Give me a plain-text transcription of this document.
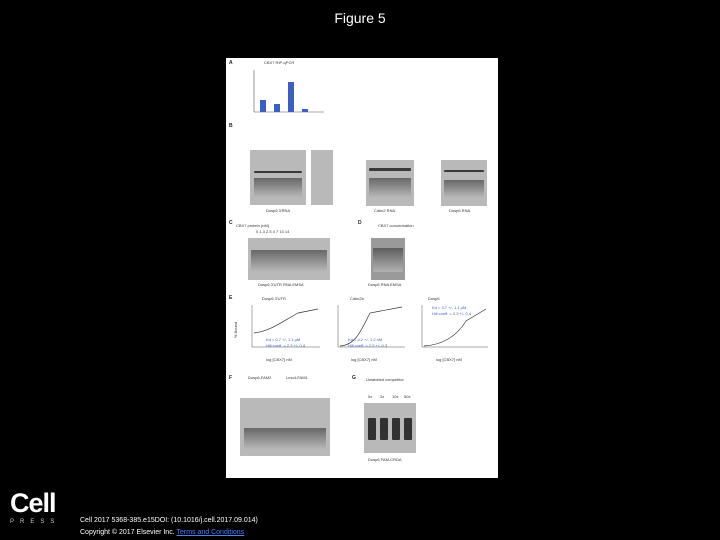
Figure 5
A	CBX7 RIP-qPCR
B
Dusp6 3'RNA	Cdkn2 RNA	Dusp6 RNA
C CBX7 protein (nM)
0 1.3 2.5 4 7 10 14
Dusp6 3'UTR RNA EMSA
D	CBX7 concentration
Dusp6 RNA EMSA
E
% Bound
Dusp6 3'UTR	Cdkn2b	Dusp6
Kd = 0.7 +/- 1.1 µM
Hill coeff. = 2.3 +/- 0.4
Kd = 4.2 +/- 1.2 nM
Hill coeff. = 2.5 +/- 0.3
Kd = 3.7 +/- 1.1 µM
Hill coeff. = 2.3 +/- 0.4
log [CBX7] nM	log [CBX7] nM	log [CBX7] nM
F	Dusp6-FAM2	Lmo4-FAM1	G	Unlabeled competitor
0x 2x 10x 50x
Dusp6 FAM-CRDA
Cell
PRESS	Cell 2017 5368-385.e15DOI: (10.1016/j.cell.2017.09.014)
Copyright © 2017 Elsevier Inc. Terms and Conditions
